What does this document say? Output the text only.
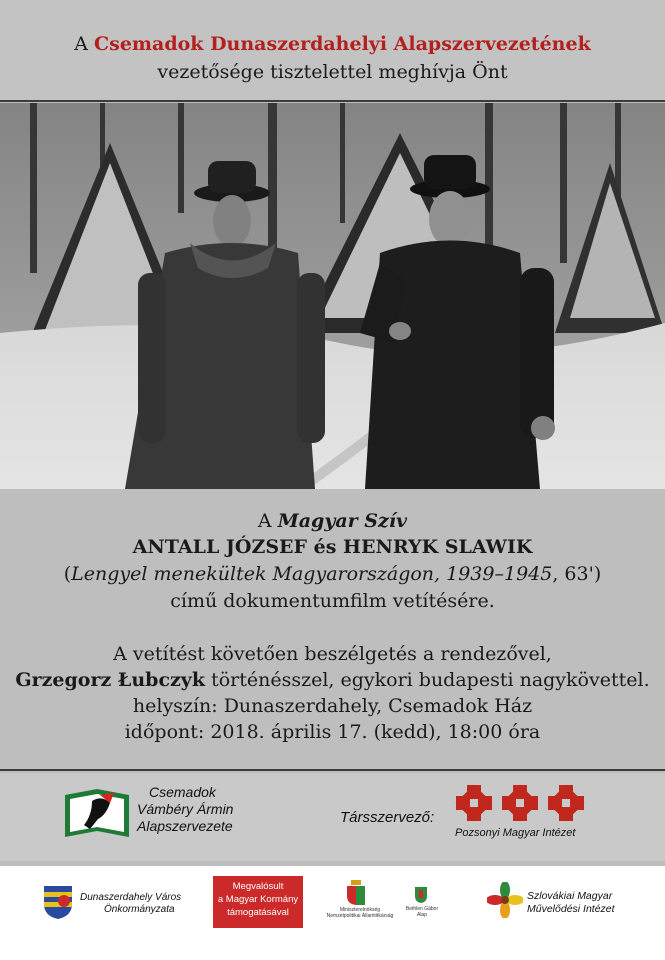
A Csemadok Dunaszerdahelyi Alapszervezetének
vezetősége tisztelettel meghívja Önt
A Magyar Szív
ANTALL JÓZSEF és HENRYK SLAWIK
(Lengyel menekültek Magyarországon, 1939–1945, 63')
című dokumentumfilm vetítésére.
A vetítést követően beszélgetés a rendezővel,
Grzegorz Łubczyk történésszel, egykori budapesti nagykövettel.
helyszín: Dunaszerdahely, Csemadok Ház
időpont: 2018. április 17. (kedd), 18:00 óra
Csemadok
Vámbéry Ármin
Alapszervezete	Társszervező:
Pozsonyi Magyar Intézet
Dunaszerdahely Város
Önkormányzata
Megvalósult
a Magyar Kormány
támogatásával	Miniszterelnökség
Nemzetpolitikai Államtitkárság
Bethlen Gábor Alap
Szlovákiai Magyar
Művelődési Intézet
